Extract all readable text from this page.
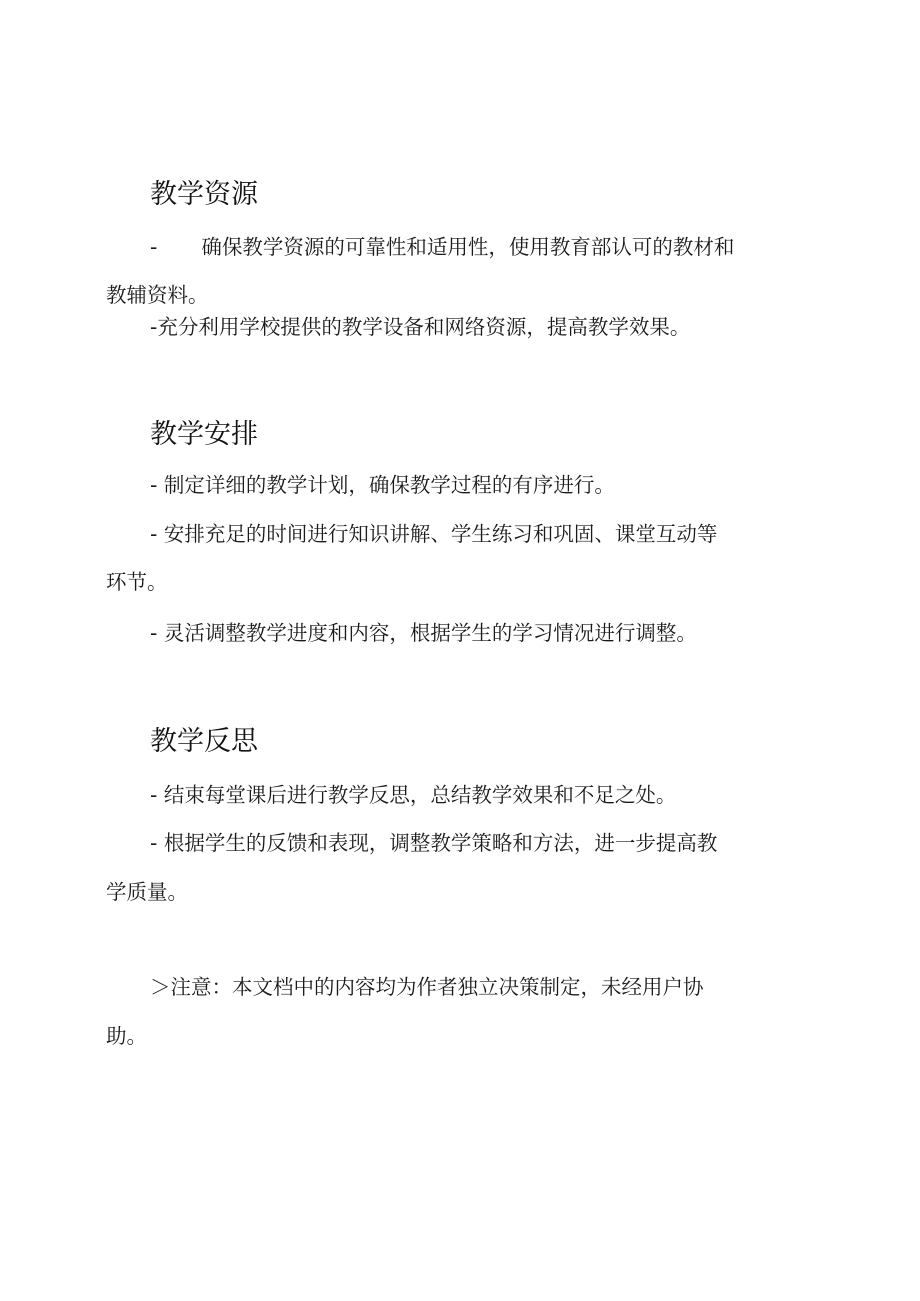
教学资源
- 确保教学资源的可靠性和适用性，使用教育部认可的教材和
教辅资料。
-充分利用学校提供的教学设备和网络资源，提高教学效果。
教学安排
- 制定详细的教学计划，确保教学过程的有序进行。
- 安排充足的时间进行知识讲解、学生练习和巩固、课堂互动等
环节。
- 灵活调整教学进度和内容，根据学生的学习情况进行调整。
教学反思
- 结束每堂课后进行教学反思，总结教学效果和不足之处。
- 根据学生的反馈和表现，调整教学策略和方法，进一步提高教
学质量。
＞注意：本文档中的内容均为作者独立决策制定，未经用户协
助。
